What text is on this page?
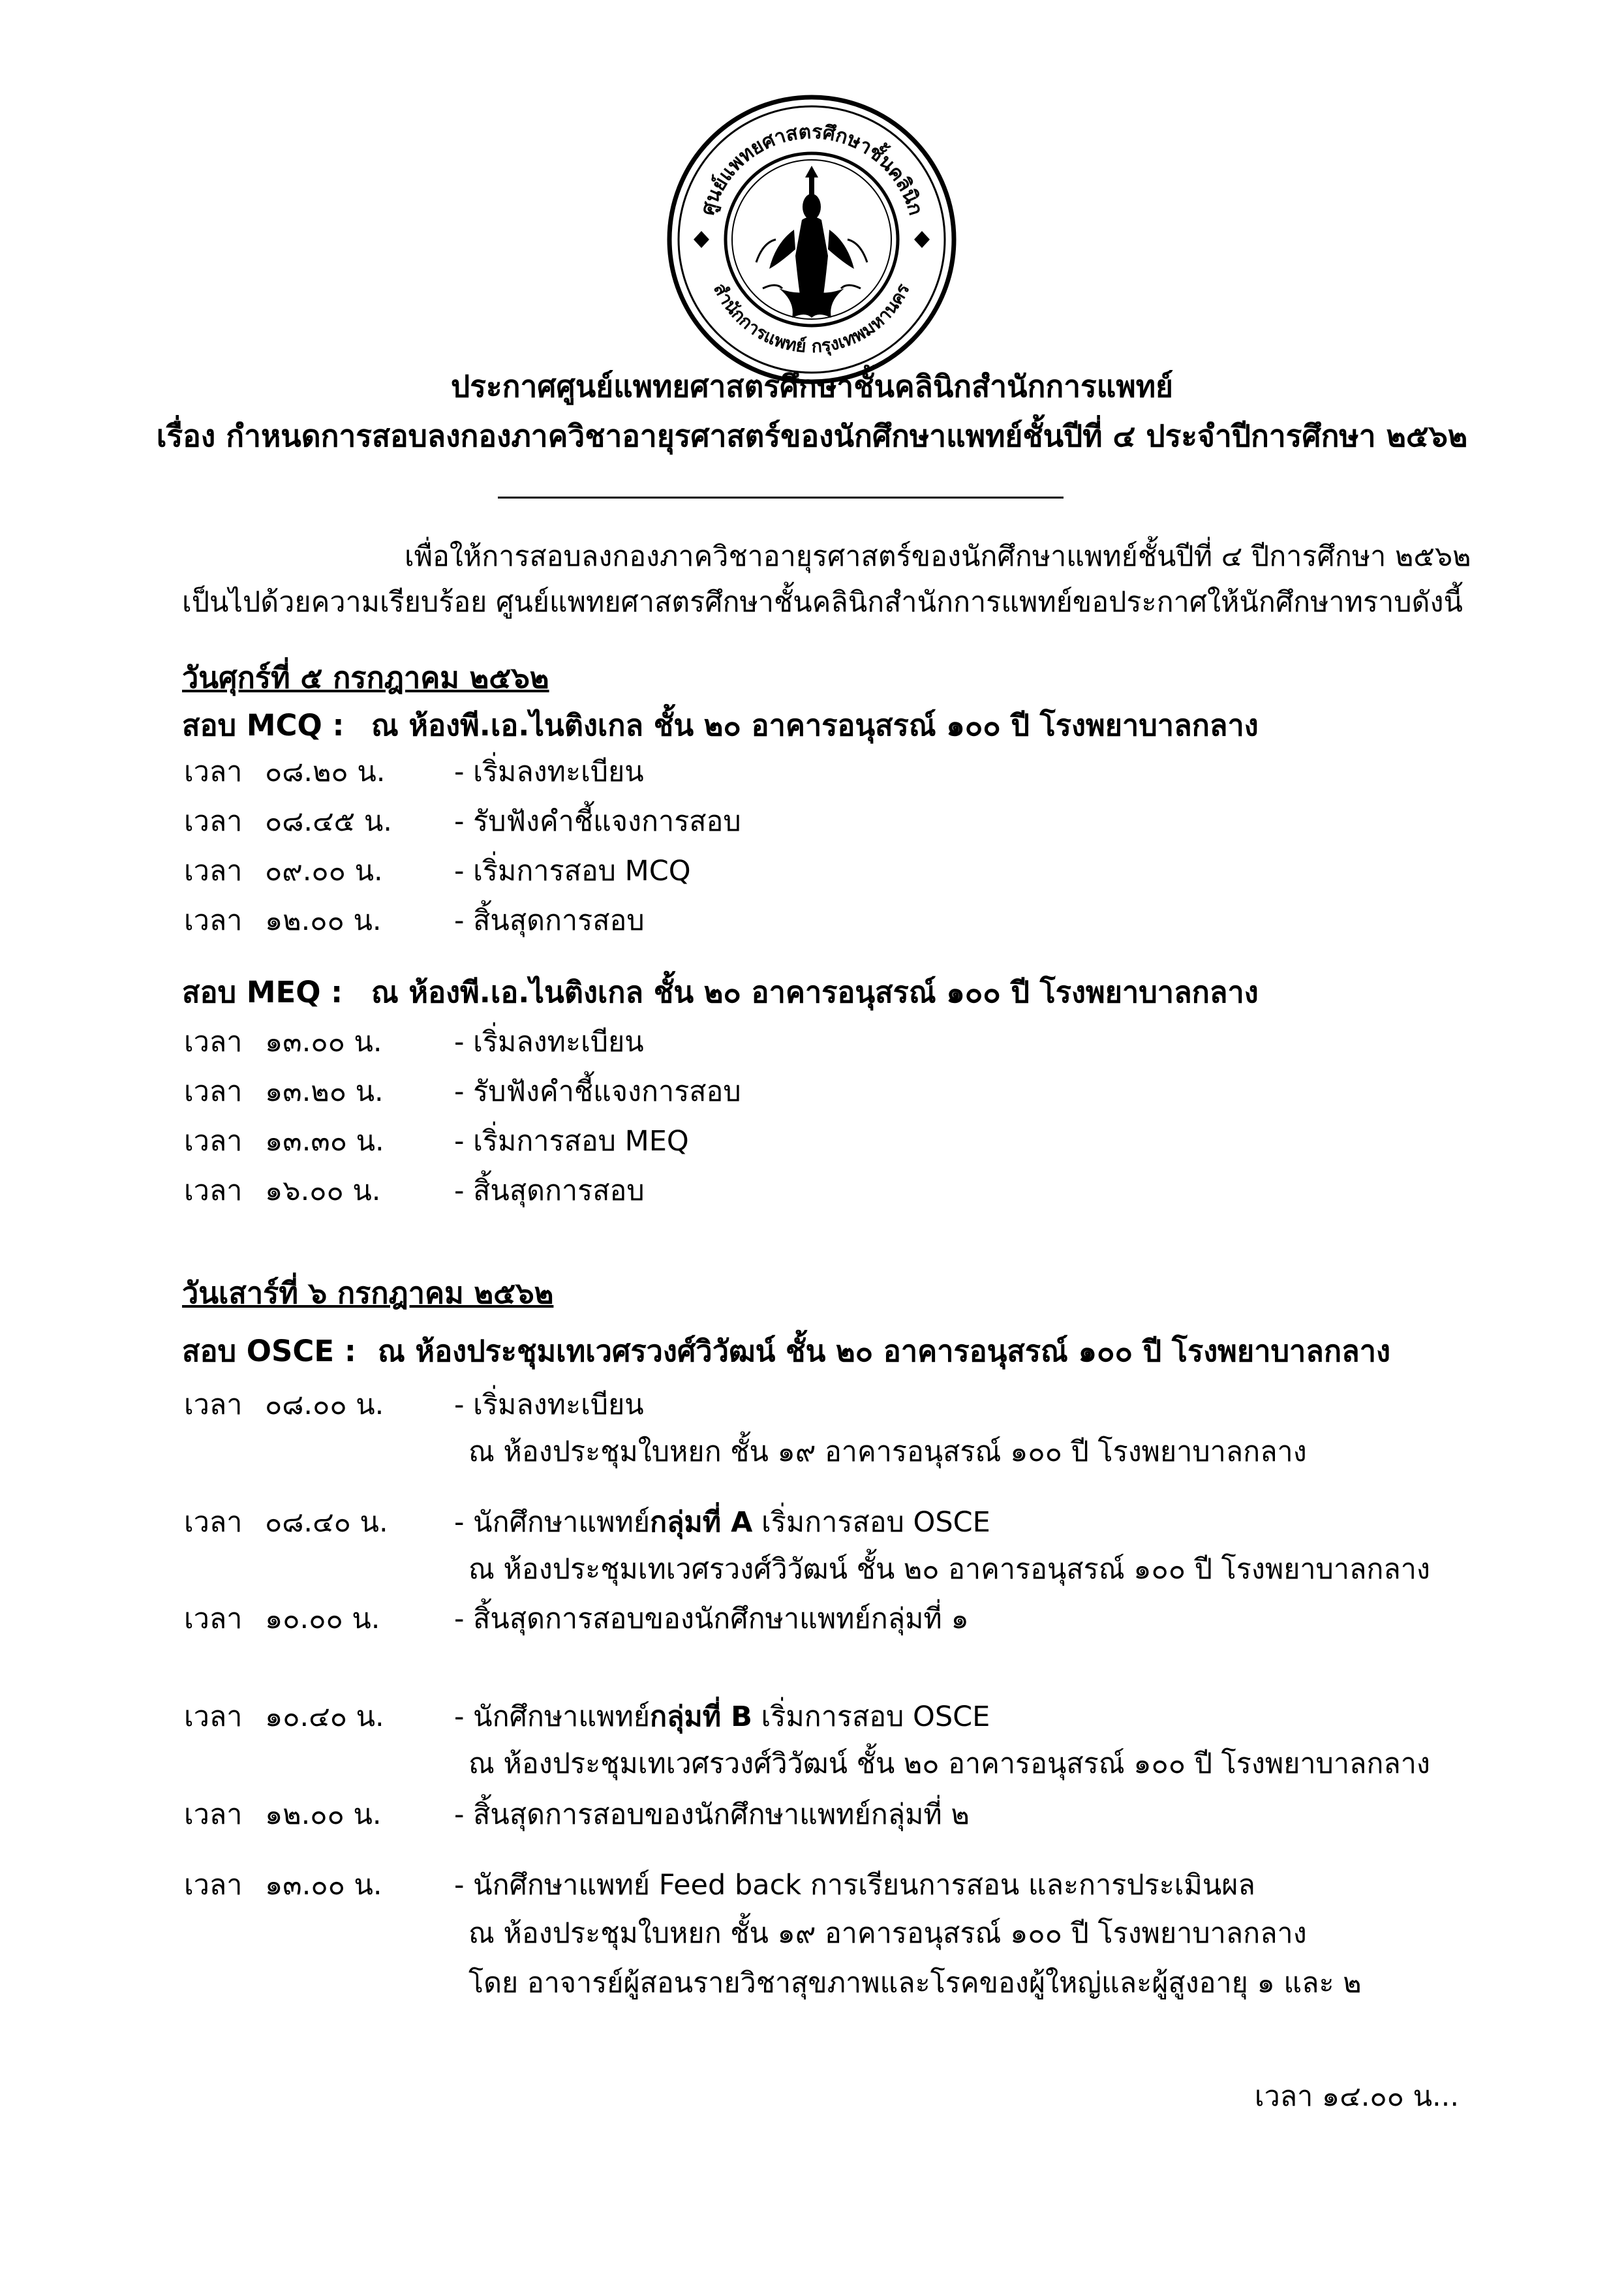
ศูนย์แพทยศาสตรศึกษาชั้นคลินิก
สำนักการแพทย์ กรุงเทพมหานคร
ประกาศศูนย์แพทยศาสตรศึกษาชั้นคลินิกสำนักการแพทย์
เรื่อง กำหนดการสอบลงกองภาควิชาอายุรศาสตร์ของนักศึกษาแพทย์ชั้นปีที่ ๔ ประจำปีการศึกษา ๒๕๖๒
เพื่อให้การสอบลงกองภาควิชาอายุรศาสตร์ของนักศึกษาแพทย์ชั้นปีที่ ๔ ปีการศึกษา ๒๕๖๒
เป็นไปด้วยความเรียบร้อย ศูนย์แพทยศาสตรศึกษาชั้นคลินิกสำนักการแพทย์ขอประกาศให้นักศึกษาทราบดังนี้
วันศุกร์ที่ ๕ กรกฎาคม ๒๕๖๒
สอบ MCQ : ณ ห้องพี.เอ.ไนติงเกล ชั้น ๒๐ อาคารอนุสรณ์ ๑๐๐ ปี โรงพยาบาลกลาง
เวลา ๐๘.๒๐ น. - เริ่มลงทะเบียน
เวลา ๐๘.๔๕ น. - รับฟังคำชี้แจงการสอบ
เวลา ๐๙.๐๐ น.	- เริ่มการสอบ MCQ
เวลา ๑๒.๐๐ น.	- สิ้นสุดการสอบ
สอบ MEQ : ณ ห้องพี.เอ.ไนติงเกล ชั้น ๒๐ อาคารอนุสรณ์ ๑๐๐ ปี โรงพยาบาลกลาง
เวลา ๑๓.๐๐ น.	- เริ่มลงทะเบียน
เวลา ๑๓.๒๐ น.	- รับฟังคำชี้แจงการสอบ
เวลา ๑๓.๓๐ น. - เริ่มการสอบ MEQ
เวลา ๑๖.๐๐ น.	- สิ้นสุดการสอบ
วันเสาร์ที่ ๖ กรกฎาคม ๒๕๖๒
สอบ OSCE : ณ ห้องประชุมเทเวศรวงศ์วิวัฒน์ ชั้น ๒๐ อาคารอนุสรณ์ ๑๐๐ ปี โรงพยาบาลกลาง
เวลา ๐๘.๐๐ น.	- เริ่มลงทะเบียน
ณ ห้องประชุมใบหยก ชั้น ๑๙ อาคารอนุสรณ์ ๑๐๐ ปี โรงพยาบาลกลาง
เวลา ๐๘.๔๐ น. - นักศึกษาแพทย์กลุ่มที่ A เริ่มการสอบ OSCE
ณ ห้องประชุมเทเวศรวงศ์วิวัฒน์ ชั้น ๒๐ อาคารอนุสรณ์ ๑๐๐ ปี โรงพยาบาลกลาง
เวลา ๑๐.๐๐ น.	- สิ้นสุดการสอบของนักศึกษาแพทย์กลุ่มที่ ๑
เวลา ๑๐.๔๐ น. - นักศึกษาแพทย์กลุ่มที่ B เริ่มการสอบ OSCE
ณ ห้องประชุมเทเวศรวงศ์วิวัฒน์ ชั้น ๒๐ อาคารอนุสรณ์ ๑๐๐ ปี โรงพยาบาลกลาง
เวลา ๑๒.๐๐ น.	- สิ้นสุดการสอบของนักศึกษาแพทย์กลุ่มที่ ๒
เวลา ๑๓.๐๐ น.	- นักศึกษาแพทย์ Feed back การเรียนการสอน และการประเมินผล
ณ ห้องประชุมใบหยก ชั้น ๑๙ อาคารอนุสรณ์ ๑๐๐ ปี โรงพยาบาลกลาง
โดย อาจารย์ผู้สอนรายวิชาสุขภาพและโรคของผู้ใหญ่และผู้สูงอายุ ๑ และ ๒
เวลา ๑๔.๐๐ น...
